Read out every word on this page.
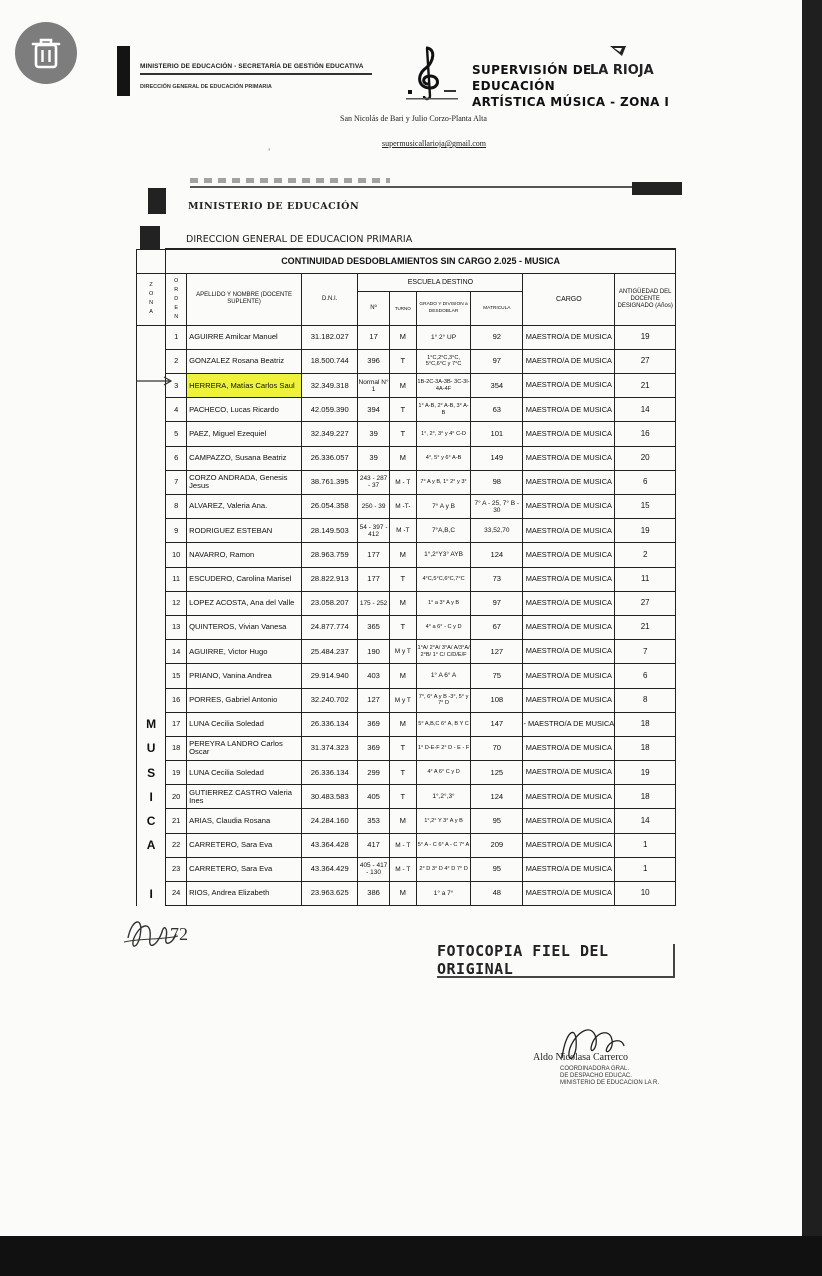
MINISTERIO DE EDUCACIÓN - SECRETARÍA DE GESTIÓN EDUCATIVA
DIRECCIÓN GENERAL DE EDUCACIÓN PRIMARIA
SUPERVISIÓN DE
EDUCACIÓN
ARTÍSTICA MÚSICA - ZONA I
LA RIOJA
San Nicolás de Bari y Julio Corzo-Planta Alta
supermusicallarioja@gmail.com
ʼ
MINISTERIO DE EDUCACIÓN
DIRECCION GENERAL DE EDUCACION PRIMARIA
	CONTINUIDAD DESDOBLAMIENTOS SIN CARGO 2.025 - MUSICA								
Z
O
N
A	O
R
D
E
N	APELLIDO Y NOMBRE (DOCENTE SUPLENTE)	D.N.I.	ESCUELA DESTINO				CARGO	ANTIGÜEDAD DEL DOCENTE DESIGNADO (Años)
				Nº	TURNO	GRADO Y DIVISION a DESDOBLAR	MATRICULA		
	1	AGUIRRE Amilcar Manuel	31.182.027	17	M	1° 2° UP	92	MAESTRO/A DE MUSICA	19
	2	GONZALEZ Rosana Beatriz	18.500.744	396	T	1°C,2°C,3°C, 5°C,6°C y 7°C	97	MAESTRO/A DE MUSICA	27
	3	HERRERA, Matías Carlos Saul	32.349.318	Normal N° 1	M	1B-2C-3A-3B- 3C-3I-4A-4F	354	MAESTRO/A DE MUSICA	21
	4	PACHECO, Lucas Ricardo	42.059.390	394	T	1° A-B, 2° A-B, 3° A-B	63	MAESTRO/A DE MUSICA	14
	5	PAEZ, Miguel Ezequiel	32.349.227	39	T	1°, 2°, 3° y 4° C-D	101	MAESTRO/A DE MUSICA	16
	6	CAMPAZZO, Susana Beatriz	26.336.057	39	M	4°, 5° y 6° A-B	149	MAESTRO/A DE MUSICA	20
	7	CORZO ANDRADA, Genesis Jesus	38.761.395	243 - 287 - 37	M - T	7° A y B, 1° 2° y 3°	98	MAESTRO/A DE MUSICA	6
	8	ALVAREZ, Valeria Ana.	26.054.358	250 - 39	M -T-	7° A y B	7° A - 25, 7° B - 30	MAESTRO/A DE MUSICA	15
	9	RODRIGUEZ ESTEBAN	28.149.503	54 - 397 - 412	M -T	7°A,B,C	33,52,70	MAESTRO/A DE MUSICA	19
	10	NAVARRO, Ramon	28.963.759	177	M	1°,2°Y3° AYB	124	MAESTRO/A DE MUSICA	2
	11	ESCUDERO, Carolina Marisel	28.822.913	177	T	4°C,5°C,6°C,7°C	73	MAESTRO/A DE MUSICA	11
	12	LOPEZ ACOSTA, Ana del Valle	23.058.207	175 - 252	M	1° a 3° A y B	97	MAESTRO/A DE MUSICA	27
	13	QUINTEROS, Vivian Vanesa	24.877.774	365	T	4° a 6° - C y D	67	MAESTRO/A DE MUSICA	21
	14	AGUIRRE, Victor Hugo	25.484.237	190	M y T	1°A/ 2°A/ 3°A/ A/3°A/ 2°B/ 1° C/ C/D/E/F	127	MAESTRO/A DE MUSICA	7
	15	PRIANO, Vanina Andrea	29.914.940	403	M	1° A 6° A	75	MAESTRO/A DE MUSICA	6
	16	PORRES, Gabriel Antonio	32.240.702	127	M y T	7°, 6° A y B -3°, 5° y 7° D	108	MAESTRO/A DE MUSICA	8
M	17	LUNA Cecilia Soledad	26.336.134	369	M	5° A,B,C 6° A, B Y C	147	- MAESTRO/A DE MUSICA	18
U	18	PEREYRA LANDRO Carlos Oscar	31.374.323	369	T	1° D-E-F 2° D - E - F	70	MAESTRO/A DE MUSICA	18
S	19	LUNA Cecilia Soledad	26.336.134	299	T	4° A 6° C y D	125	MAESTRO/A DE MUSICA	19
I	20	GUTIERREZ CASTRO Valeria Ines	30.483.583	405	T	1°,2°,3°	124	MAESTRO/A DE MUSICA	18
C	21	ARIAS, Claudia Rosana	24.284.160	353	M	1°,2° Y 3° A y B	95	MAESTRO/A DE MUSICA	14
A	22	CARRETERO, Sara Eva	43.364.428	417	M - T	5° A - C 6° A - C 7° A	209	MAESTRO/A DE MUSICA	1
	23	CARRETERO, Sara Eva	43.364.429	405 - 417 - 130	M - T	2° D 3° D 4° D 7° D	95	MAESTRO/A DE MUSICA	1
I	24	RIOS, Andrea Elizabeth	23.963.625	386	M	1° a 7°	48	MAESTRO/A DE MUSICA	10
72
FOTOCOPIA FIEL DEL ORIGINAL
Aldo Nicolasa Carrerco
COORDINADORA GRAL.
DE DESPACHO EDUCAC.
MINISTERIO DE EDUCACION LA R.
